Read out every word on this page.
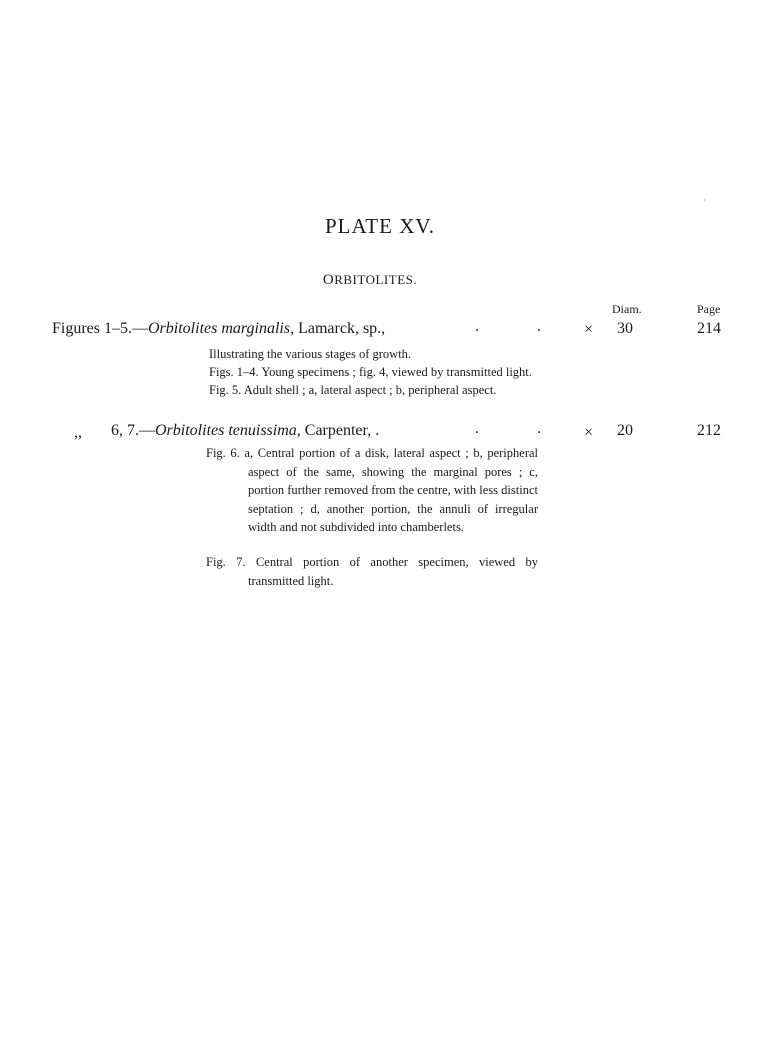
·
PLATE XV.
ORBITOLITES.
Diam.	Page
Figures 1–5.—Orbitolites marginalis, Lamarck, sp.,	.	.	× 30	214
Illustrating the various stages of growth.
Figs. 1–4. Young specimens ; fig. 4, viewed by transmitted light.
Fig. 5. Adult shell ; a, lateral aspect ; b, peripheral aspect.
,, 6, 7.—Orbitolites tenuissima, Carpenter, .	.	.	× 20	212
Fig. 6. a, Central portion of a disk, lateral aspect ; b, peripheral aspect of the same, showing the marginal pores ; c, portion further removed from the centre, with less distinct septation ; d, another portion, the annuli of irregular width and not subdivided into chamberlets.
Fig. 7. Central portion of another specimen, viewed by transmitted light.
